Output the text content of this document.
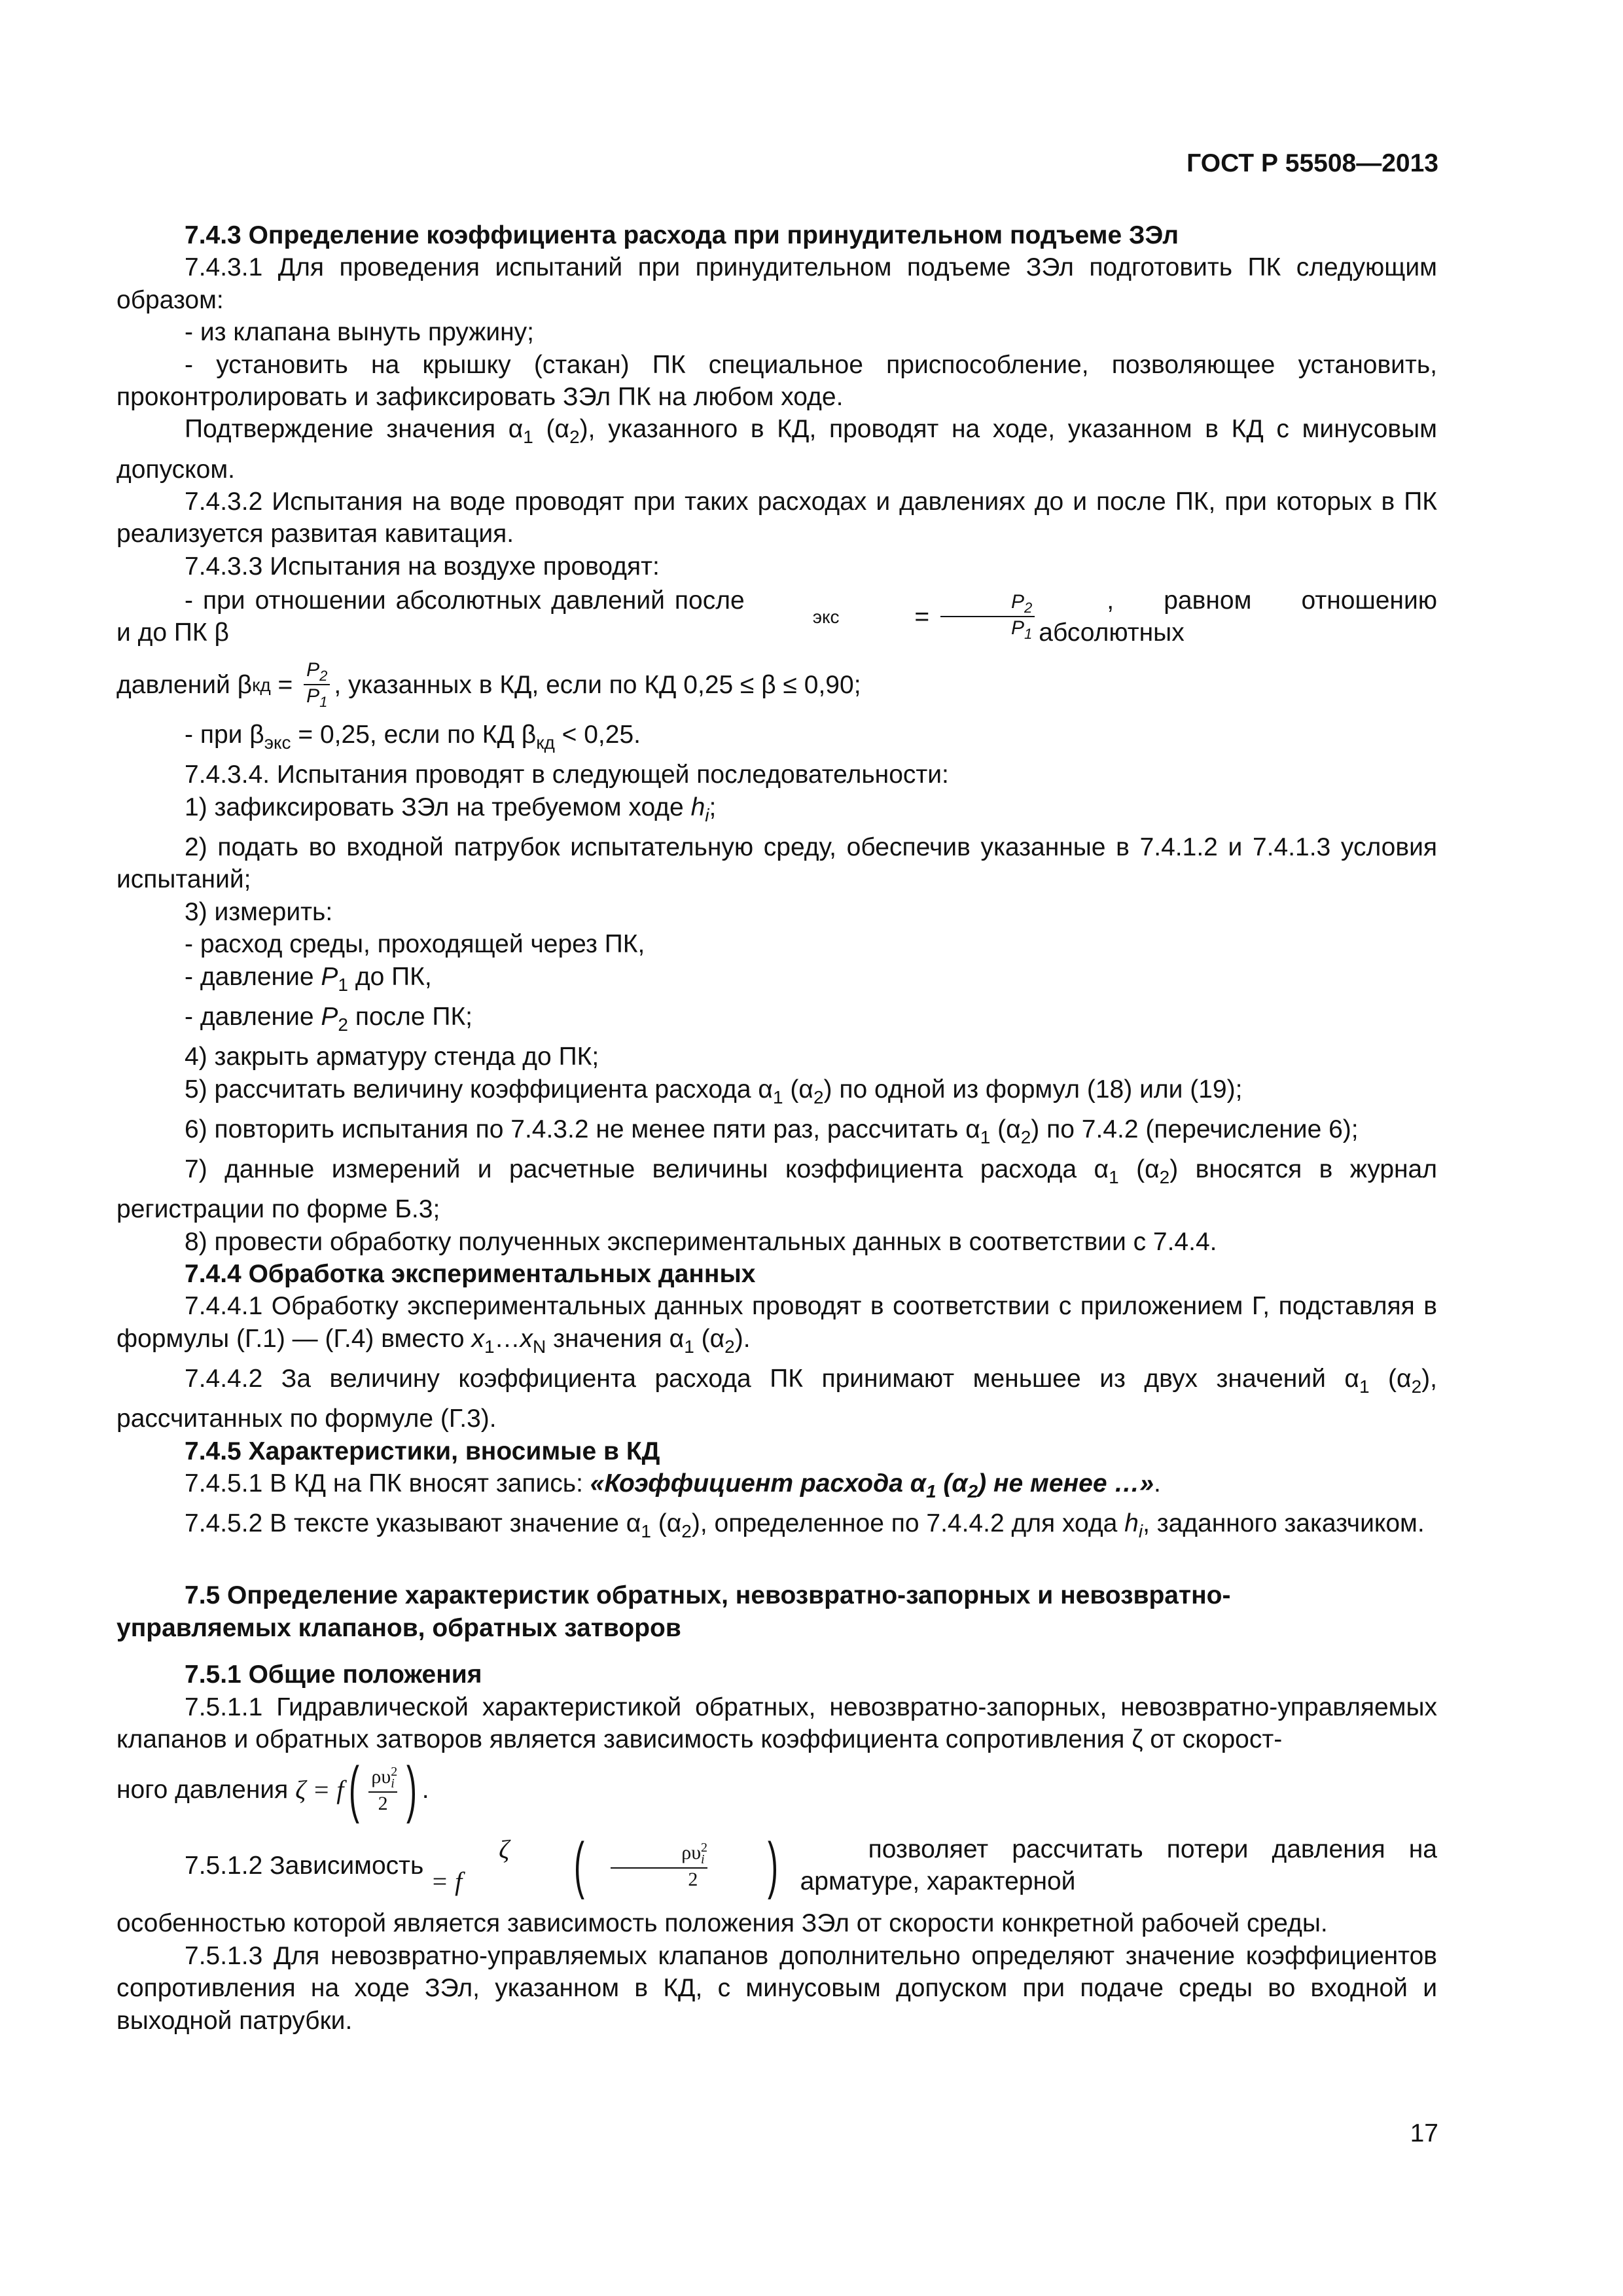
ГОСТ Р 55508—2013

7.4.3 Определение коэффициента расхода при принудительном подъеме ЗЭл

7.4.3.1 Для проведения испытаний при принудительном подъеме ЗЭл подготовить ПК следующим образом:

- из клапана вынуть пружину;

- установить на крышку (стакан) ПК специальное приспособление, позволяющее установить, проконтролировать и зафиксировать ЗЭл ПК на любом ходе.

Подтверждение значения $\alpha_1$ $(\alpha_2)$, указанного в КД, проводят на ходе, указанном в КД с минусовым допуском.

7.4.3.2 Испытания на воде проводят при таких расходах и давлениях до и после ПК, при которых в ПК реализуется развитая кавитация.

7.4.3.3 Испытания на воздухе проводят:

- при отношении абсолютных давлений после и до ПК β
экс	= $\frac{P_2}{P_1}$	, равном отношению абсолютных

давлений β кд = $\frac{P_2}{P_1}$ , указанных в КД, если по КД 0,25 ≤ β ≤ 0,90;

- при $\beta_{экс} = 0,25$, если по КД $\beta_{кд} < 0,25$.

7.4.3.4. Испытания проводят в следующей последовательности:

1) зафиксировать ЗЭл на требуемом ходе $h_i$;

2) подать во входной патрубок испытательную среду, обеспечив указанные в 7.4.1.2 и 7.4.1.3 условия испытаний;

3) измерить:

- расход среды, проходящей через ПК,

- давление $P_1$ до ПК,

- давление $P_2$ после ПК;

4) закрыть арматуру стенда до ПК;

5) рассчитать величину коэффициента расхода $\alpha_1$ $(\alpha_2)$ по одной из формул (18) или (19);

6) повторить испытания по 7.4.3.2 не менее пяти раз, рассчитать $\alpha_1$ $(\alpha_2)$ по 7.4.2 (перечисление 6);

7) данные измерений и расчетные величины коэффициента расхода $\alpha_1$ $(\alpha_2)$ вносятся в журнал регистрации по форме Б.3;

8) провести обработку полученных экспериментальных данных в соответствии с 7.4.4.

7.4.4 Обработка экспериментальных данных

7.4.4.1 Обработку экспериментальных данных проводят в соответствии с приложением Г, подставляя в формулы (Г.1) — (Г.4) вместо $x_1\dots x_N$ значения $\alpha_1$ $(\alpha_2)$.

7.4.4.2 За величину коэффициента расхода ПК принимают меньшее из двух значений $\alpha_1$ $(\alpha_2)$, рассчитанных по формуле (Г.3).

7.4.5 Характеристики, вносимые в КД

7.4.5.1 В КД на ПК вносят запись: «Коэффициент расхода $\alpha_1$ $(\alpha_2)$ не менее …».

7.4.5.2 В тексте указывают значение $\alpha_1$ $(\alpha_2)$, определенное по 7.4.4.2 для хода $h_i$, заданного заказчиком.

7.5 Определение характеристик обратных, невозвратно-запорных и невозвратно-управляемых клапанов, обратных затворов

7.5.1 Общие положения

7.5.1.1 Гидравлической характеристикой обратных, невозвратно-запорных, невозвратно-управляемых клапанов и обратных затворов является зависимость коэффициента сопротивления ζ от скорост-

ного давления ζ = f ( $\frac{\rho\upsilon^2_i}{2}$ ) .

7.5.1.2 Зависимость
ζ = f	( $\frac{\rho\upsilon^2_i}{2}$ )	позволяет рассчитать потери давления на арматуре, характерной

особенностью которой является зависимость положения ЗЭл от скорости конкретной рабочей среды.

7.5.1.3 Для невозвратно-управляемых клапанов дополнительно определяют значение коэффициентов сопротивления на ходе ЗЭл, указанном в КД, с минусовым допуском при подаче среды во входной и выходной патрубки.

17
